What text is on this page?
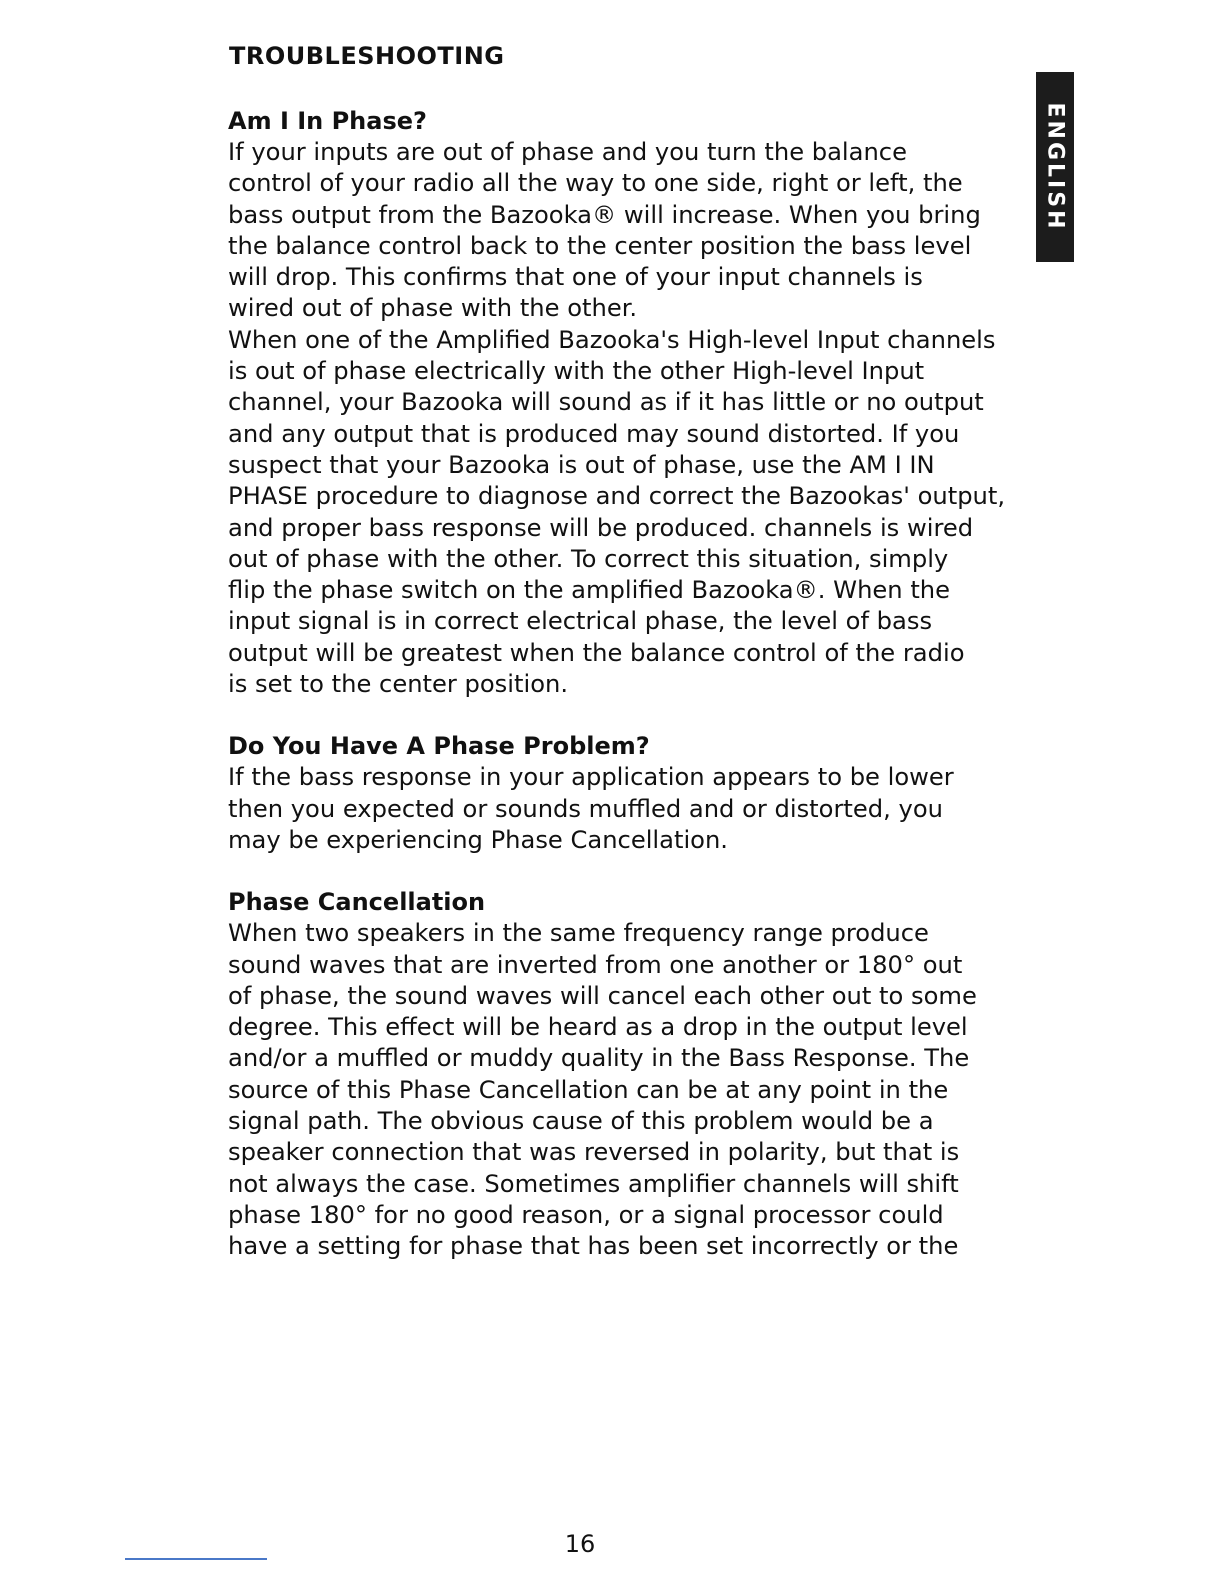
TROUBLESHOOTING
ENGLISH
Am I In Phase?

If your inputs are out of phase and you turn the balance
control of your radio all the way to one side, right or left, the
bass output from the Bazooka® will increase. When you bring
the balance control back to the center position the bass level
will drop. This confirms that one of your input channels is
wired out of phase with the other.

When one of the Amplified Bazooka's High-level Input channels
is out of phase electrically with the other High-level Input
channel, your Bazooka will sound as if it has little or no output
and any output that is produced may sound distorted. If you
suspect that your Bazooka is out of phase, use the AM I IN
PHASE procedure to diagnose and correct the Bazookas' output,
and proper bass response will be produced. channels is wired
out of phase with the other. To correct this situation, simply
flip the phase switch on the amplified Bazooka®. When the
input signal is in correct electrical phase, the level of bass
output will be greatest when the balance control of the radio
is set to the center position.

Do You Have A Phase Problem?

If the bass response in your application appears to be lower
then you expected or sounds muffled and or distorted, you
may be experiencing Phase Cancellation.

Phase Cancellation

When two speakers in the same frequency range produce
sound waves that are inverted from one another or 180° out
of phase, the sound waves will cancel each other out to some
degree. This effect will be heard as a drop in the output level
and/or a muffled or muddy quality in the Bass Response. The
source of this Phase Cancellation can be at any point in the
signal path. The obvious cause of this problem would be a
speaker connection that was reversed in polarity, but that is
not always the case. Sometimes amplifier channels will shift
phase 180° for no good reason, or a signal processor could
have a setting for phase that has been set incorrectly or the

16
